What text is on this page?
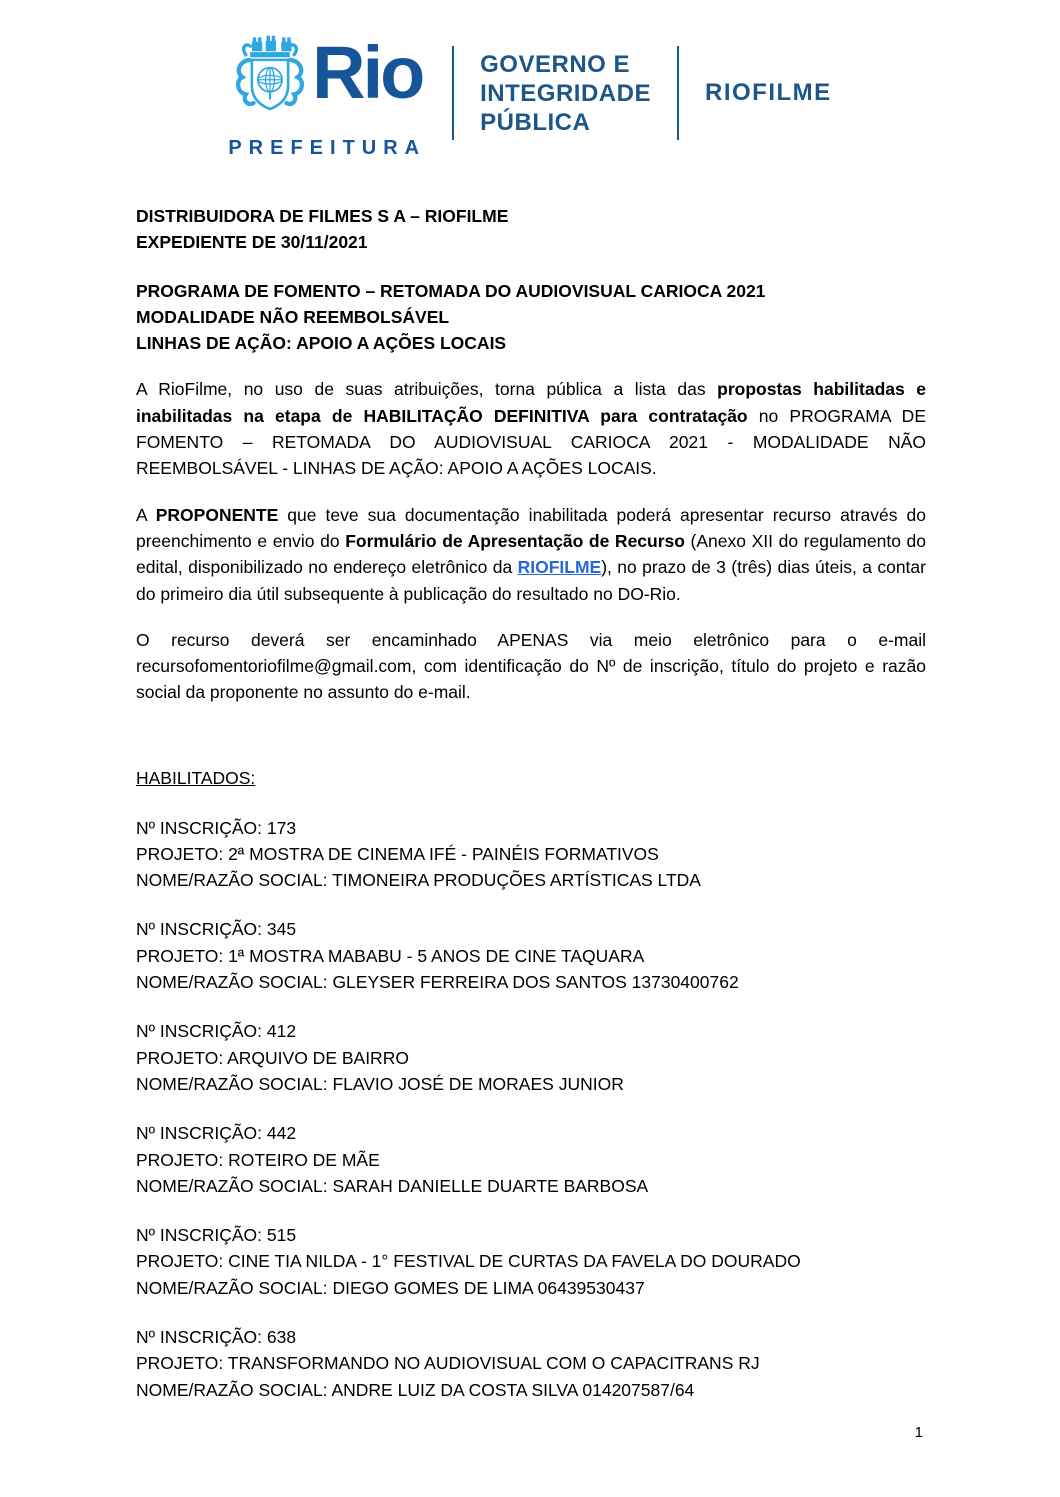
Rio
PREFEITURA
GOVERNO E
INTEGRIDADE
PÚBLICA
RIOFILME
DISTRIBUIDORA DE FILMES S A – RIOFILME
EXPEDIENTE DE 30/11/2021
PROGRAMA DE FOMENTO – RETOMADA DO AUDIOVISUAL CARIOCA 2021
MODALIDADE NÃO REEMBOLSÁVEL
LINHAS DE AÇÃO: APOIO A AÇÕES LOCAIS

A RioFilme, no uso de suas atribuições, torna pública a lista das propostas habilitadas e inabilitadas na etapa de HABILITAÇÃO DEFINITIVA para contratação no PROGRAMA DE FOMENTO – RETOMADA DO AUDIOVISUAL CARIOCA 2021 - MODALIDADE NÃO REEMBOLSÁVEL - LINHAS DE AÇÃO: APOIO A AÇÕES LOCAIS.

A PROPONENTE que teve sua documentação inabilitada poderá apresentar recurso através do preenchimento e envio do Formulário de Apresentação de Recurso (Anexo XII do regulamento do edital, disponibilizado no endereço eletrônico da RIOFILME), no prazo de 3 (três) dias úteis, a contar do primeiro dia útil subsequente à publicação do resultado no DO-Rio.

O recurso deverá ser encaminhado APENAS via meio eletrônico para o e-mail recursofomentoriofilme@gmail.com, com identificação do Nº de inscrição, título do projeto e razão social da proponente no assunto do e-mail.

HABILITADOS:
Nº INSCRIÇÃO: 173
PROJETO: 2ª MOSTRA DE CINEMA IFÉ - PAINÉIS FORMATIVOS
NOME/RAZÃO SOCIAL: TIMONEIRA PRODUÇÕES ARTÍSTICAS LTDA
Nº INSCRIÇÃO: 345
PROJETO: 1ª MOSTRA MABABU - 5 ANOS DE CINE TAQUARA
NOME/RAZÃO SOCIAL: GLEYSER FERREIRA DOS SANTOS 13730400762
Nº INSCRIÇÃO: 412
PROJETO: ARQUIVO DE BAIRRO
NOME/RAZÃO SOCIAL: FLAVIO JOSÉ DE MORAES JUNIOR
Nº INSCRIÇÃO: 442
PROJETO: ROTEIRO DE MÃE
NOME/RAZÃO SOCIAL: SARAH DANIELLE DUARTE BARBOSA
Nº INSCRIÇÃO: 515
PROJETO: CINE TIA NILDA - 1° FESTIVAL DE CURTAS DA FAVELA DO DOURADO
NOME/RAZÃO SOCIAL: DIEGO GOMES DE LIMA 06439530437
Nº INSCRIÇÃO: 638
PROJETO: TRANSFORMANDO NO AUDIOVISUAL COM O CAPACITRANS RJ
NOME/RAZÃO SOCIAL: ANDRE LUIZ DA COSTA SILVA 014207587/64
1
